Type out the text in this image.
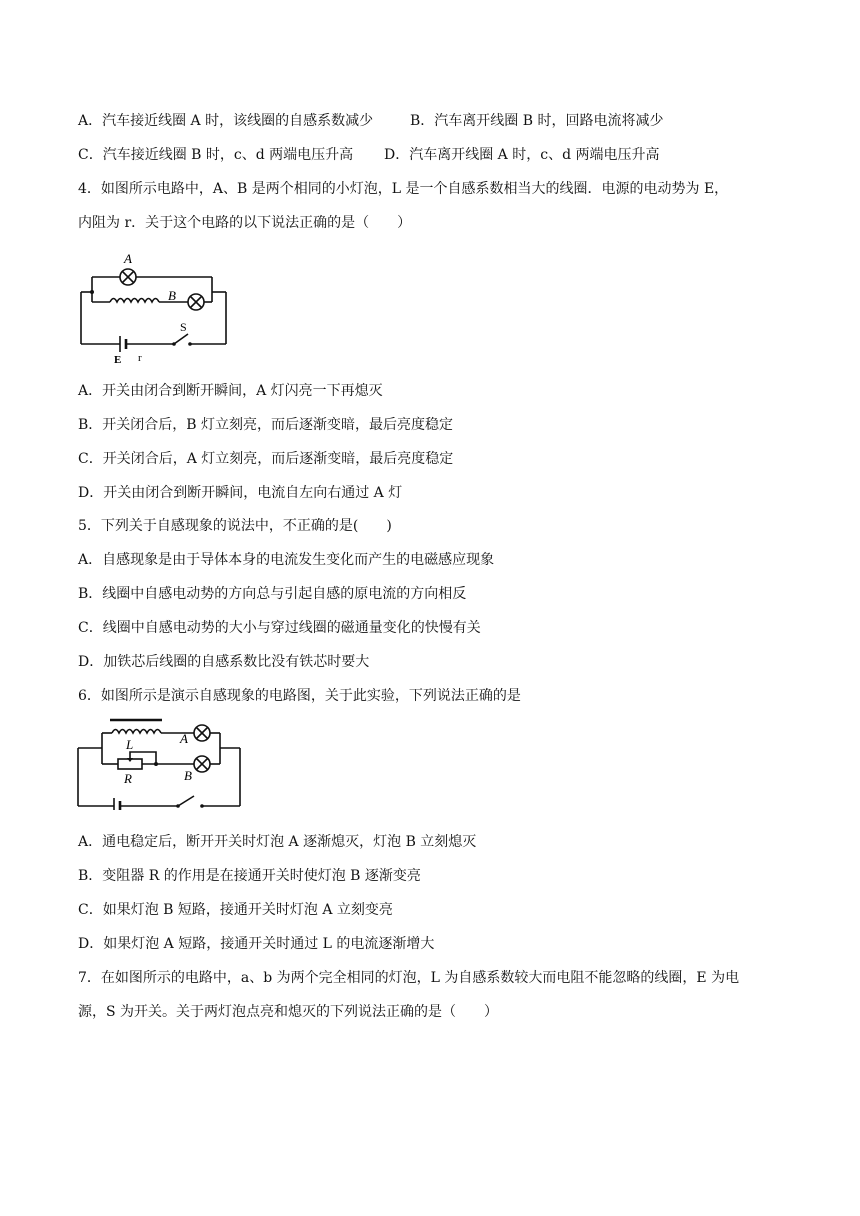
A．汽车接近线圈 A 时，该线圈的自感系数减少	B．汽车离开线圈 B 时，回路电流将减少
C．汽车接近线圈 B 时，c、d 两端电压升高 D．汽车离开线圈 A 时，c、d 两端电压升高
4．如图所示电路中，A、B 是两个相同的小灯泡，L 是一个自感系数相当大的线圈．电源的电动势为 E，
内阻为 r．关于这个电路的以下说法正确的是（　　）
A
B
S
E r
A．开关由闭合到断开瞬间，A 灯闪亮一下再熄灭
B．开关闭合后，B 灯立刻亮，而后逐渐变暗，最后亮度稳定
C．开关闭合后，A 灯立刻亮，而后逐渐变暗，最后亮度稳定
D．开关由闭合到断开瞬间，电流自左向右通过 A 灯
5．下列关于自感现象的说法中，不正确的是(　　)
A．自感现象是由于导体本身的电流发生变化而产生的电磁感应现象
B．线圈中自感电动势的方向总与引起自感的原电流的方向相反
C．线圈中自感电动势的大小与穿过线圈的磁通量变化的快慢有关
D．加铁芯后线圈的自感系数比没有铁芯时要大
6．如图所示是演示自感现象的电路图，关于此实验，下列说法正确的是
L	A
R	B
A．通电稳定后，断开开关时灯泡 A 逐渐熄灭，灯泡 B 立刻熄灭
B．变阻器 R 的作用是在接通开关时使灯泡 B 逐渐变亮
C．如果灯泡 B 短路，接通开关时灯泡 A 立刻变亮
D．如果灯泡 A 短路，接通开关时通过 L 的电流逐渐增大
7．在如图所示的电路中，a、b 为两个完全相同的灯泡，L 为自感系数较大而电阻不能忽略的线圈，E 为电
源，S 为开关。关于两灯泡点亮和熄灭的下列说法正确的是（　　）
